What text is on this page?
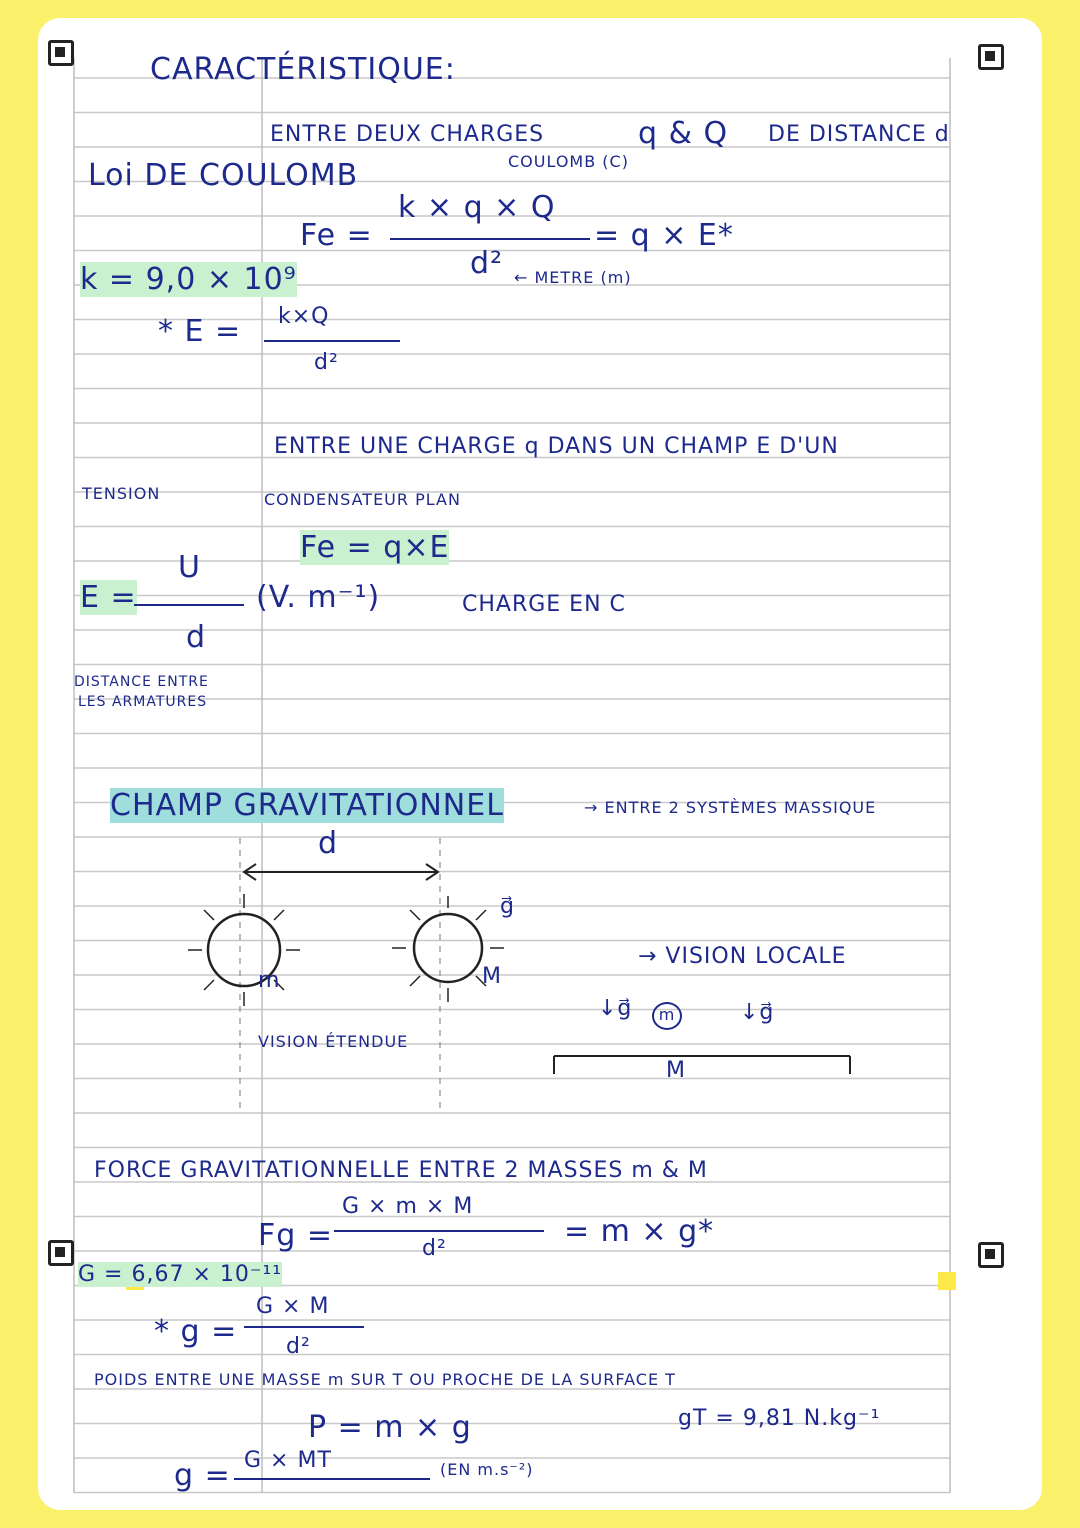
CARACTÉRISTIQUE:
ENTRE DEUX CHARGES	q & Q DE DISTANCE d
COULOMB (C)
Loi DE COULOMB
Fe =
k × q × Q
d²
= q × E*
← METRE (m)
k = 9,0 × 10⁹
* E = k×Q
d²
ENTRE UNE CHARGE q DANS UN CHAMP E D'UN
TENSION	CONDENSATEUR PLAN
Fe = q×E
U
E =	(V. m⁻¹)	CHARGE EN C
d
DISTANCE ENTRE
LES ARMATURES
CHAMP GRAVITATIONNEL	→ ENTRE 2 SYSTÈMES MASSIQUE
d
m	M
g⃗
VISION ÉTENDUE
→ VISION LOCALE
↓g⃗	m	↓g⃗
M
FORCE GRAVITATIONNELLE ENTRE 2 MASSES m & M
Fg =
G × m × M
d²	= m × g*
G = 6,67 × 10⁻¹¹
* g =
G × M
d²
POIDS ENTRE UNE MASSE m SUR T OU PROCHE DE LA SURFACE T
P = m × g	gT = 9,81 N.kg⁻¹
g = G × MT	(EN m.s⁻²)
